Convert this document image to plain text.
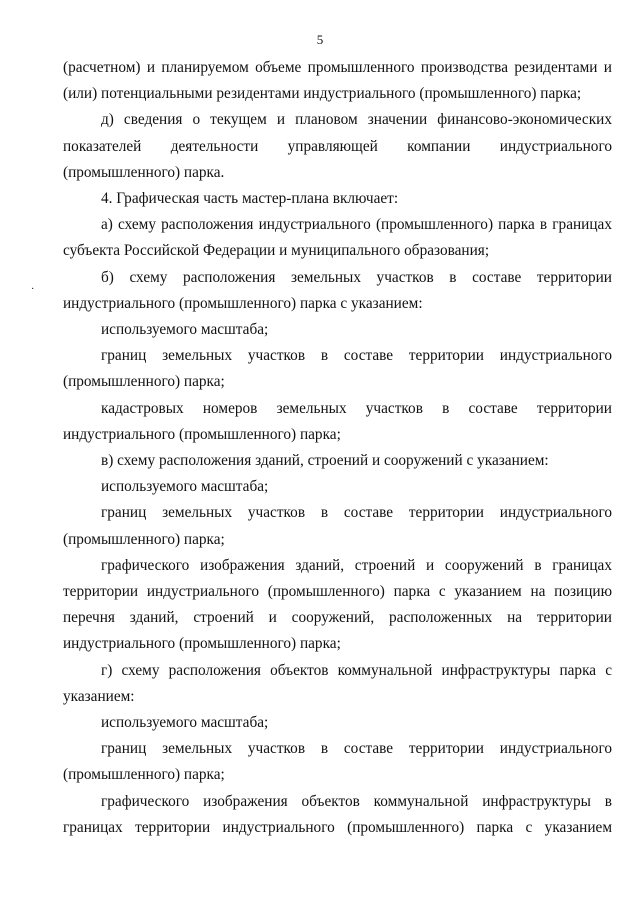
5
·

(расчетном) и планируемом объеме промышленного производства резидентами и (или) потенциальными резидентами индустриального (промышленного) парка;

д) сведения о текущем и плановом значении финансово-экономических показателей деятельности управляющей компании индустриального (промышленного) парка.

4. Графическая часть мастер-плана включает:

а) схему расположения индустриального (промышленного) парка в границах субъекта Российской Федерации и муниципального образования;

б) схему расположения земельных участков в составе территории индустриального (промышленного) парка с указанием:

используемого масштаба;

границ земельных участков в составе территории индустриального (промышленного) парка;

кадастровых номеров земельных участков в составе территории индустриального (промышленного) парка;

в) схему расположения зданий, строений и сооружений с указанием:

используемого масштаба;

границ земельных участков в составе территории индустриального (промышленного) парка;

графического изображения зданий, строений и сооружений в границах территории индустриального (промышленного) парка с указанием на позицию перечня зданий, строений и сооружений, расположенных на территории индустриального (промышленного) парка;

г) схему расположения объектов коммунальной инфраструктуры парка с указанием:

используемого масштаба;

границ земельных участков в составе территории индустриального (промышленного) парка;

графического изображения объектов коммунальной инфраструктуры в границах территории индустриального (промышленного) парка с указанием
